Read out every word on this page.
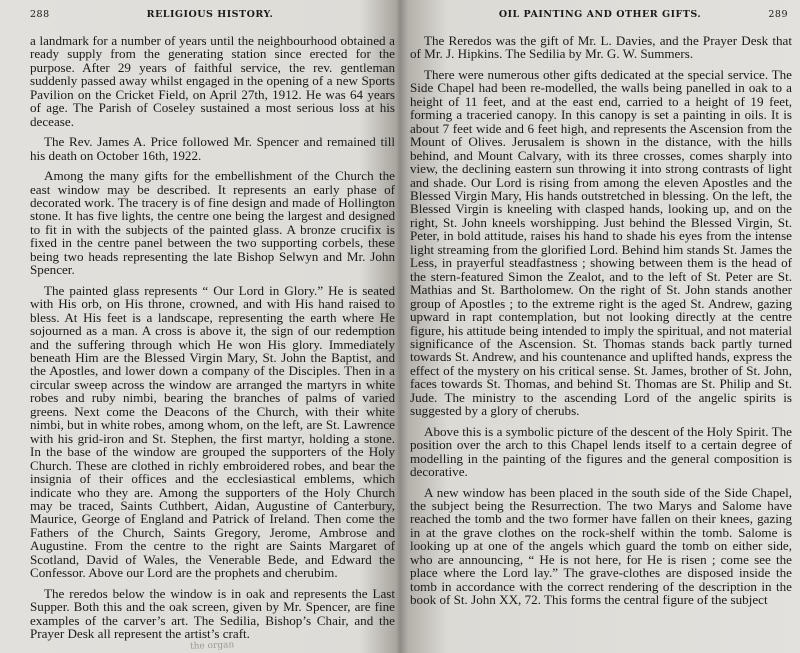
288	RELIGIOUS HISTORY.

a landmark for a number of years until the neighbourhood obtained a ready supply from the generating station since erected for the purpose. After 29 years of faithful service, the rev. gentleman suddenly passed away whilst engaged in the opening of a new Sports Pavilion on the Cricket Field, on April 27th, 1912. He was 64 years of age. The Parish of Coseley sustained a most serious loss at his decease.

The Rev. James A. Price followed Mr. Spencer and remained till his death on October 16th, 1922.

Among the many gifts for the embellishment of the Church the east window may be described. It represents an early phase of decorated work. The tracery is of fine design and made of Hollington stone. It has five lights, the centre one being the largest and designed to fit in with the subjects of the painted glass. A bronze crucifix is fixed in the centre panel between the two supporting corbels, these being two heads representing the late Bishop Selwyn and Mr. John Spencer.

The painted glass represents “ Our Lord in Glory.” He is seated with His orb, on His throne, crowned, and with His hand raised to bless. At His feet is a landscape, representing the earth where He sojourned as a man. A cross is above it, the sign of our redemption and the suffering through which He won His glory. Immediately beneath Him are the Blessed Virgin Mary, St. John the Baptist, and the Apostles, and lower down a company of the Disciples. Then in a circular sweep across the window are arranged the martyrs in white robes and ruby nimbi, bearing the branches of palms of varied greens. Next come the Deacons of the Church, with their white nimbi, but in white robes, among whom, on the left, are St. Lawrence with his grid-iron and St. Stephen, the first martyr, holding a stone. In the base of the window are grouped the supporters of the Holy Church. These are clothed in richly embroidered robes, and bear the insignia of their offices and the ecclesiastical emblems, which indicate who they are. Among the supporters of the Holy Church may be traced, Saints Cuthbert, Aidan, Augustine of Canterbury, Maurice, George of England and Patrick of Ireland. Then come the Fathers of the Church, Saints Gregory, Jerome, Ambrose and Augustine. From the centre to the right are Saints Margaret of Scotland, David of Wales, the Venerable Bede, and Edward the Confessor. Above our Lord are the prophets and cherubim.

The reredos below the window is in oak and represents the Last Supper. Both this and the oak screen, given by Mr. Spencer, are fine examples of the carver’s art. The Sedilia, Bishop’s Chair, and the Prayer Desk all represent the artist’s craft.

the organ
OIL PAINTING AND OTHER GIFTS.	289

The Reredos was the gift of Mr. L. Davies, and the Prayer Desk that of Mr. J. Hipkins. The Sedilia by Mr. G. W. Summers.

There were numerous other gifts dedicated at the special service. The Side Chapel had been re-modelled, the walls being panelled in oak to a height of 11 feet, and at the east end, carried to a height of 19 feet, forming a traceried canopy. In this canopy is set a painting in oils. It is about 7 feet wide and 6 feet high, and represents the Ascension from the Mount of Olives. Jerusalem is shown in the distance, with the hills behind, and Mount Calvary, with its three crosses, comes sharply into view, the declining eastern sun throwing it into strong contrasts of light and shade. Our Lord is rising from among the eleven Apostles and the Blessed Virgin Mary, His hands outstretched in blessing. On the left, the Blessed Virgin is kneeling with clasped hands, looking up, and on the right, St. John kneels worshipping. Just behind the Blessed Virgin, St. Peter, in bold attitude, raises his hand to shade his eyes from the intense light streaming from the glorified Lord. Behind him stands St. James the Less, in prayerful steadfastness ; showing between them is the head of the stern-featured Simon the Zealot, and to the left of St. Peter are St. Mathias and St. Bartholomew. On the right of St. John stands another group of Apostles ; to the extreme right is the aged St. Andrew, gazing upward in rapt contemplation, but not looking directly at the centre figure, his attitude being intended to imply the spiritual, and not material significance of the Ascension. St. Thomas stands back partly turned towards St. Andrew, and his countenance and uplifted hands, express the effect of the mystery on his critical sense. St. James, brother of St. John, faces towards St. Thomas, and behind St. Thomas are St. Philip and St. Jude. The ministry to the ascending Lord of the angelic spirits is suggested by a glory of cherubs.

Above this is a symbolic picture of the descent of the Holy Spirit. The position over the arch to this Chapel lends itself to a certain degree of modelling in the painting of the figures and the general composition is decorative.

A new window has been placed in the south side of the Side Chapel, the subject being the Resurrection. The two Marys and Salome have reached the tomb and the two former have fallen on their knees, gazing in at the grave clothes on the rock-shelf within the tomb. Salome is looking up at one of the angels which guard the tomb on either side, who are announcing, “ He is not here, for He is risen ; come see the place where the Lord lay.” The grave-clothes are disposed inside the tomb in accordance with the correct rendering of the description in the book of St. John XX, 72. This forms the central figure of the subject
